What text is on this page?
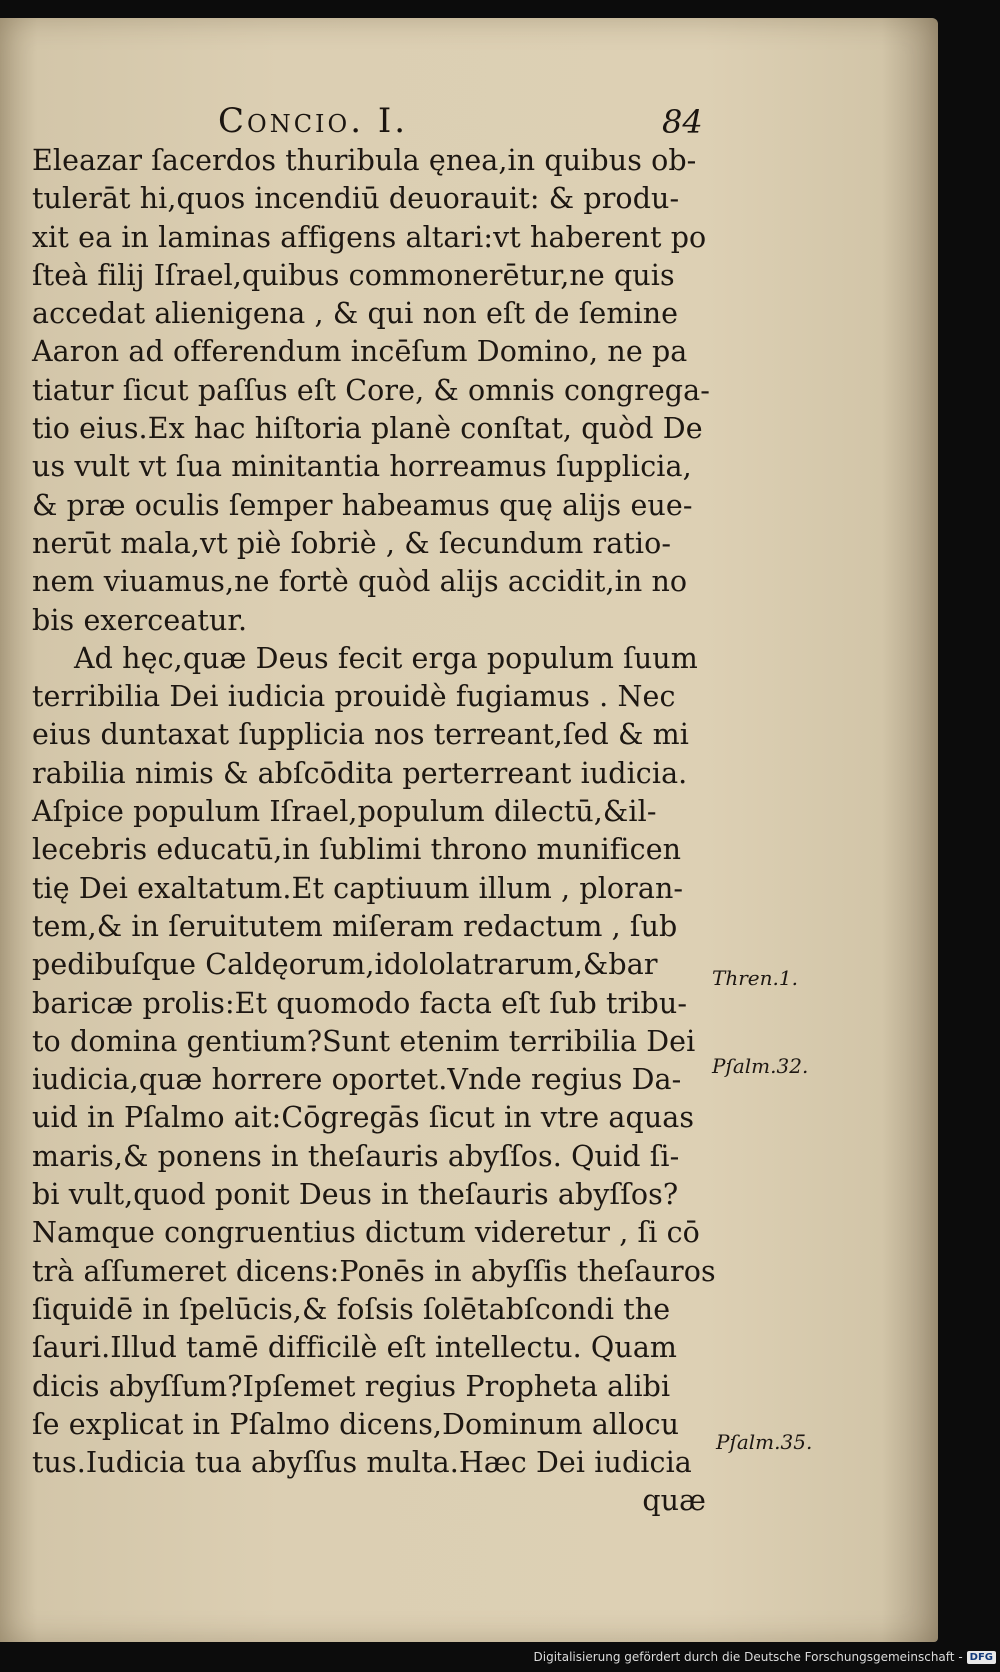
Concio. I.	84
Eleazar ſacerdos thuribula ęnea,in quibus ob-
tulerāt hi,quos incendiū deuorauit: & produ-
xit ea in laminas affigens altari:vt haberent po
ſteà filij Iſrael,quibus commonerētur,ne quis
accedat alienigena , & qui non eſt de ſemine
Aaron ad offerendum incēſum Domino, ne pa
tiatur ſicut paſſus eſt Core, & omnis congrega-
tio eius.Ex hac hiſtoria planè conſtat, quòd De
us vult vt ſua minitantia horreamus ſupplicia,
& præ oculis ſemper habeamus quę alijs eue-
nerūt mala,vt piè ſobriè , & ſecundum ratio-
nem viuamus,ne fortè quòd alijs accidit,in no
bis exerceatur.
Ad hęc,quæ Deus fecit erga populum ſuum
terribilia Dei iudicia prouidè fugiamus . Nec
eius duntaxat ſupplicia nos terreant,ſed & mi
rabilia nimis & abſcōdita perterreant iudicia.
Aſpice populum Iſrael,populum dilectū,&il-
lecebris educatū,in ſublimi throno munificen
tię Dei exaltatum.Et captiuum illum , ploran-
tem,& in ſeruitutem miſeram redactum , ſub
pedibuſque Caldęorum,idololatrarum,&bar
baricæ prolis:Et quomodo facta eſt ſub tribu-
to domina gentium?Sunt etenim terribilia Dei
iudicia,quæ horrere oportet.Vnde regius Da-
uid in Pſalmo ait:Cōgregās ſicut in vtre aquas
maris,& ponens in theſauris abyſſos. Quid ſi-
bi vult,quod ponit Deus in theſauris abyſſos?
Namque congruentius dictum videretur , ſi cō
trà aſſumeret dicens:Ponēs in abyſſis theſauros
ſiquidē in ſpelūcis,& foſsis ſolētabſcondi the
ſauri.Illud tamē difficilè eſt intellectu. Quam
dicis abyſſum?Ipſemet regius Propheta alibi
ſe explicat in Pſalmo dicens,Dominum allocu
tus.Iudicia tua abyſſus multa.Hæc Dei iudicia
quæ
Thren.1.
Pſalm.32.
Pſalm.35.
Digitalisierung gefördert durch die Deutsche Forschungsgemeinschaft - DFG
